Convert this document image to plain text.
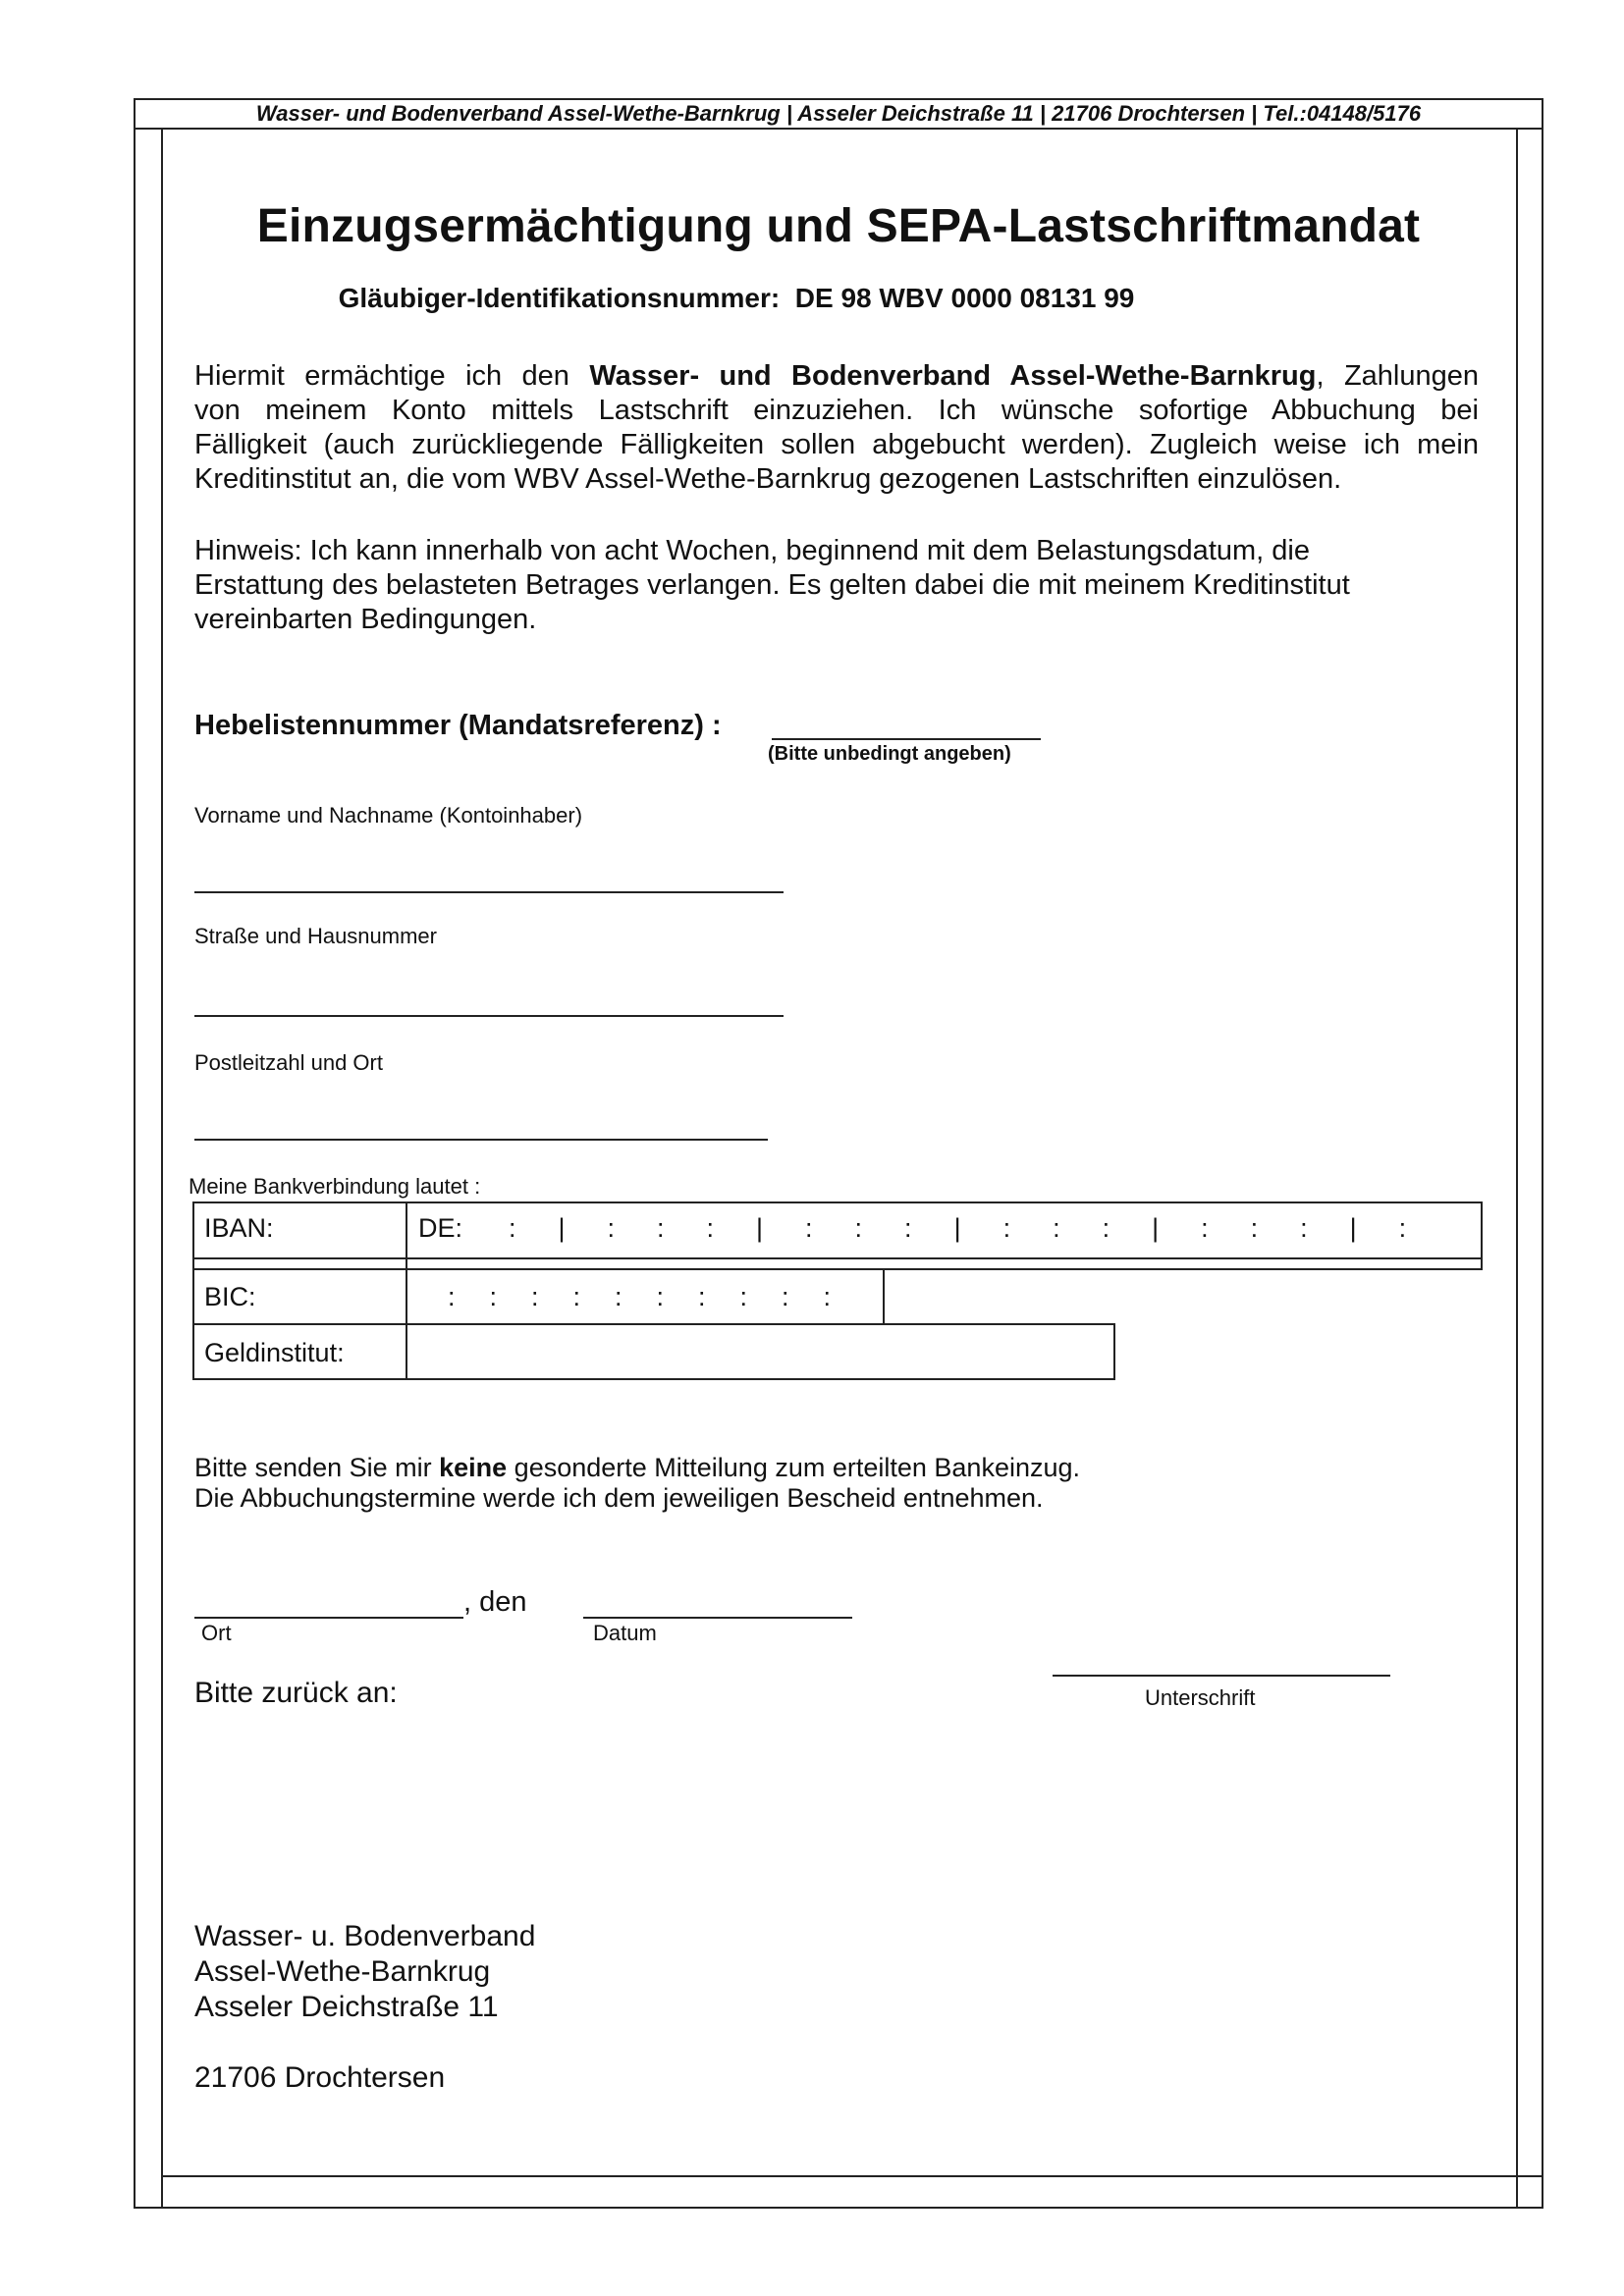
Wasser- und Bodenverband Assel-Wethe-Barnkrug | Asseler Deichstraße 11 | 21706 Drochtersen | Tel.:04148/5176
Einzugsermächtigung und SEPA-Lastschriftmandat
Gläubiger-Identifikationsnummer: DE 98 WBV 0000 08131 99
Hiermit ermächtige ich den Wasser- und Bodenverband Assel-Wethe-Barnkrug, Zahlungen
von meinem Konto mittels Lastschrift einzuziehen. Ich wünsche sofortige Abbuchung bei
Fälligkeit (auch zurückliegende Fälligkeiten sollen abgebucht werden). Zugleich weise ich mein
Kreditinstitut an, die vom WBV Assel-Wethe-Barnkrug gezogenen Lastschriften einzulösen.
Hinweis: Ich kann innerhalb von acht Wochen, beginnend mit dem Belastungsdatum, die
Erstattung des belasteten Betrages verlangen. Es gelten dabei die mit meinem Kreditinstitut
vereinbarten Bedingungen.
Hebelistennummer (Mandatsreferenz) :
(Bitte unbedingt angeben)
Vorname und Nachname (Kontoinhaber)
Straße und Hausnummer
Postleitzahl und Ort
Meine Bankverbindung lautet :
IBAN:	DE: :  |  :  :  :  |  :  :  :  |  :  :  :  |  :  :  :  |  :
BIC:	:  :  :  :  :  :  :  :  :  :
Geldinstitut:
Bitte senden Sie mir keine gesonderte Mitteilung zum erteilten Bankeinzug.
Die Abbuchungstermine werde ich dem jeweiligen Bescheid entnehmen.
, den
Ort	Datum
Unterschrift
Bitte zurück an:
Wasser- u. Bodenverband
Assel-Wethe-Barnkrug
Asseler Deichstraße 11
21706 Drochtersen
